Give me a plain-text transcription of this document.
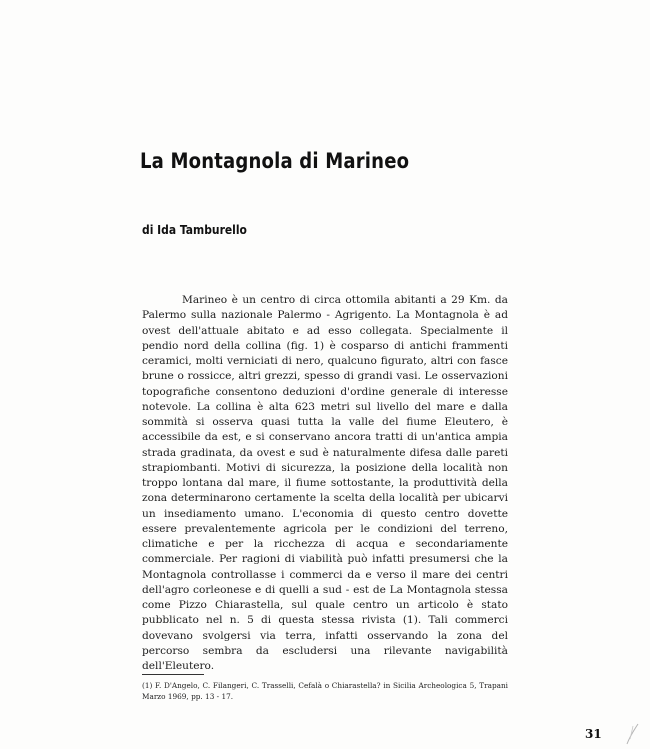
La Montagnola di Marineo
di Ida Tamburello

Marineo è un centro di circa ottomila abitanti a 29 Km. da Palermo sulla nazionale Palermo - Agrigento. La Montagnola è ad ovest dell'attuale abitato e ad esso collegata. Specialmente il pendio nord della collina (fig. 1) è cosparso di antichi frammenti ceramici, molti verniciati di nero, qualcuno figurato, altri con fasce brune o rossicce, altri grezzi, spesso di grandi vasi. Le osservazioni topografiche consentono deduzioni d'ordine generale di interesse notevole. La collina è alta 623 metri sul livello del mare e dalla sommità si osserva quasi tutta la valle del fiume Eleutero, è accessibile da est, e si conservano ancora tratti di un'antica ampia strada gradinata, da ovest e sud è naturalmente difesa dalle pareti strapiombanti. Motivi di sicurezza, la posizione della località non troppo lontana dal mare, il fiume sottostante, la produttività della zona determinarono certamente la scelta della località per ubicarvi un insediamento umano. L'economia di questo centro dovette essere prevalentemente agricola per le condizioni del terreno, climatiche e per la ricchezza di acqua e secondariamente commerciale. Per ragioni di viabilità può infatti presumersi che la Montagnola controllasse i commerci da e verso il mare dei centri dell'agro corleonese e di quelli a sud - est de La Montagnola stessa come Pizzo Chiarastella, sul quale centro un articolo è stato pubblicato nel n. 5 di questa stessa rivista (1). Tali commerci dovevano svolgersi via terra, infatti osservando la zona del percorso sembra da escludersi una rilevante navigabilità dell'Eleutero.

(1) F. D'Angelo, C. Filangeri, C. Trasselli, Cefalà o Chiarastella? in Sicilia Archeologica 5, Trapani Marzo 1969, pp. 13 - 17.

31
